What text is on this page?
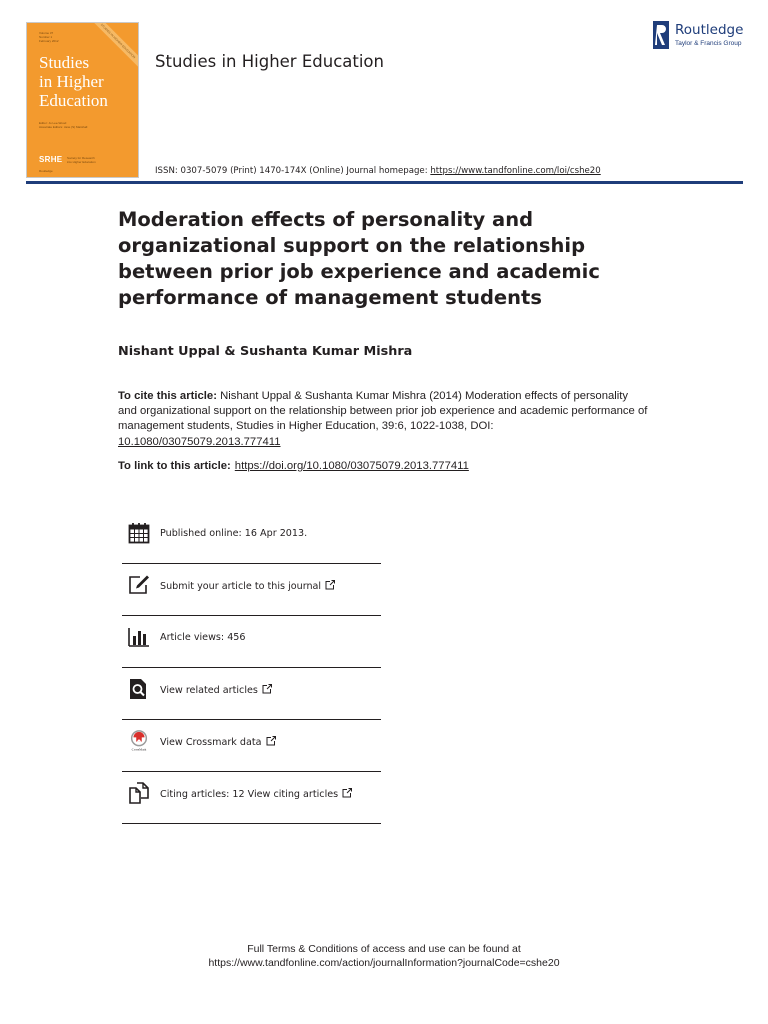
Volume 37
Number 1
February 2012	STUDIES IN HIGHER EDUCATION
Studies
in Higher
Education
Editor: Jo Lee-Wood
Associate Editors: Jane (S) Marshall
SRHE Society for Research
into Higher Education
Routledge
Studies in Higher Education
Routledge
Taylor & Francis Group
ISSN: 0307-5079 (Print) 1470-174X (Online) Journal homepage: https://www.tandfonline.com/loi/cshe20
Moderation effects of personality and organizational support on the relationship between prior job experience and academic performance of management students
Nishant Uppal & Sushanta Kumar Mishra
To cite this article: Nishant Uppal & Sushanta Kumar Mishra (2014) Moderation effects of personality and organizational support on the relationship between prior job experience and academic performance of management students, Studies in Higher Education, 39:6, 1022-1038, DOI: 10.1080/03075079.2013.777411
To link to this article: https://doi.org/10.1080/03075079.2013.777411
Published online: 16 Apr 2013.
Submit your article to this journal
Article views: 456
View related articles
CrossMark
View Crossmark data
Citing articles: 12 View citing articles
Full Terms & Conditions of access and use can be found at
https://www.tandfonline.com/action/journalInformation?journalCode=cshe20
